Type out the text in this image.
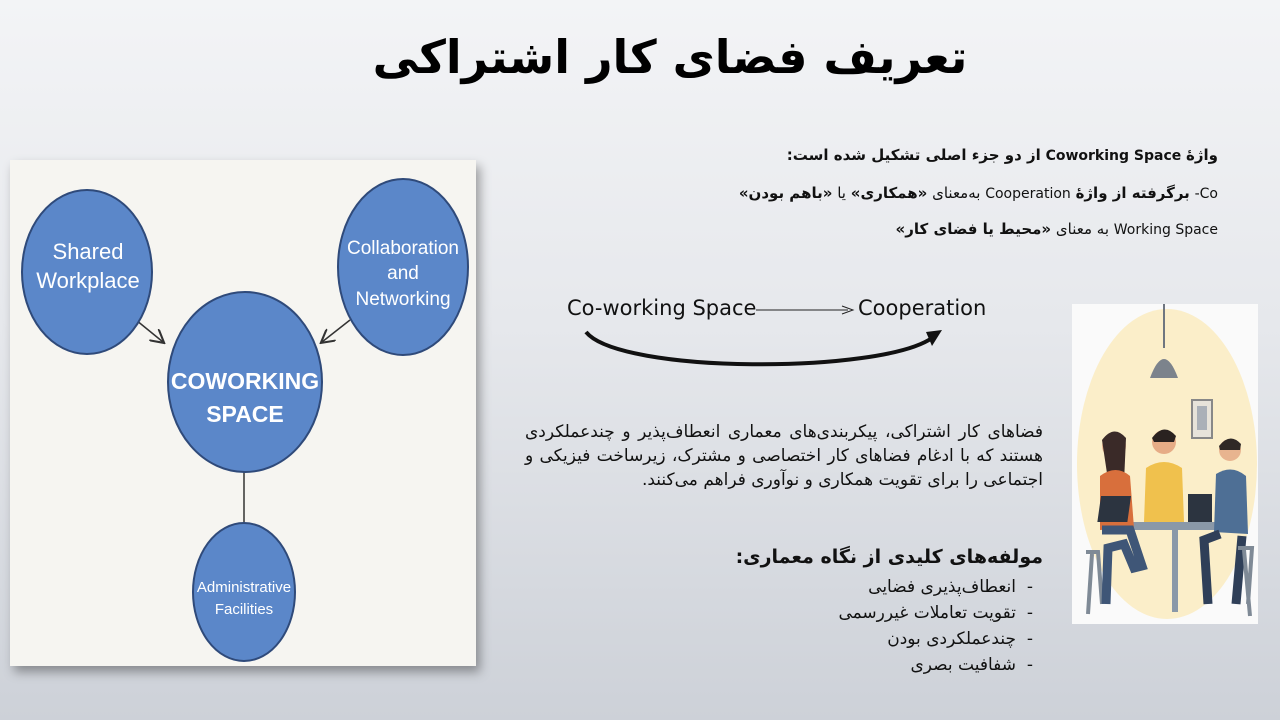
تعریف فضای کار اشتراکی
واژۀ Coworking Space از دو جزء اصلی تشکیل شده است:
Co- برگرفته از واژۀ Cooperation به‌معنای «همکاری» یا «باهم بودن»
Working Space به معنای «محیط یا فضای کار»
Shared
Workplace
Collaboration
and
Networking
COWORKING
SPACE
Administrative
Facilities
Co-working Space	Cooperation
فضاهای کار اشتراکی، پیکربندی‌های معماری انعطاف‌پذیر و چندعملکردی هستند که با ادغام فضاهای کار اختصاصی و مشترک، زیرساخت فیزیکی و اجتماعی را برای تقویت همکاری و نوآوری فراهم می‌کنند.
مولفه‌های کلیدی از نگاه معماری:
-انعطاف‌پذیری فضایی
-تقویت تعاملات غیررسمی
-چندعملکردی بودن
-شفافیت بصری
